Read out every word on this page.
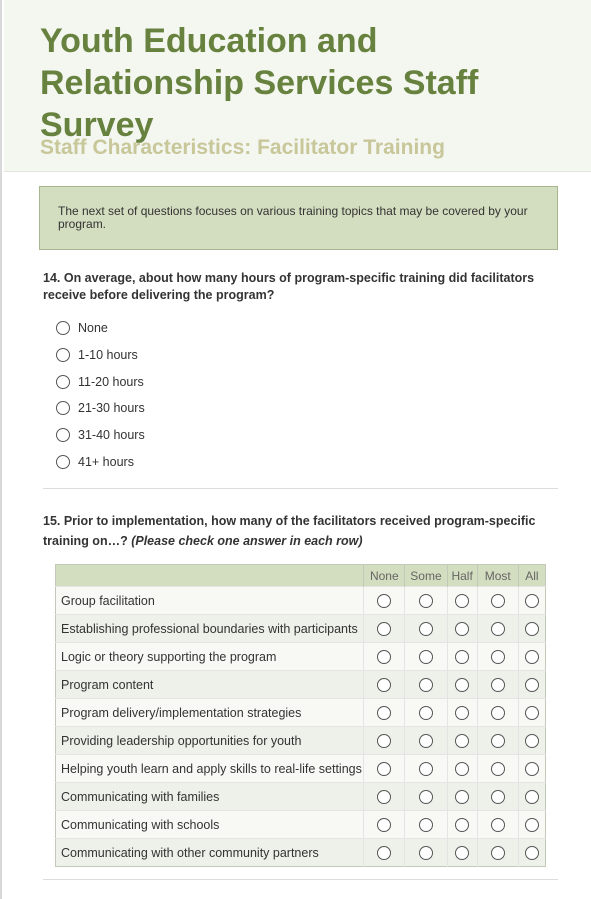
Youth Education and Relationship Services Staff Survey
Staff Characteristics: Facilitator Training
The next set of questions focuses on various training topics that may be covered by your program.
14. On average, about how many hours of program-specific training did facilitators receive before delivering the program?
None
1-10 hours
11-20 hours
21-30 hours
31-40 hours
41+ hours
15. Prior to implementation, how many of the facilitators received program-specific training on…? (Please check one answer in each row)
	None	Some	Half	Most	All
Group facilitation					
Establishing professional boundaries with participants					
Logic or theory supporting the program					
Program content					
Program delivery/implementation strategies					
Providing leadership opportunities for youth					
Helping youth learn and apply skills to real-life settings					
Communicating with families					
Communicating with schools					
Communicating with other community partners					
